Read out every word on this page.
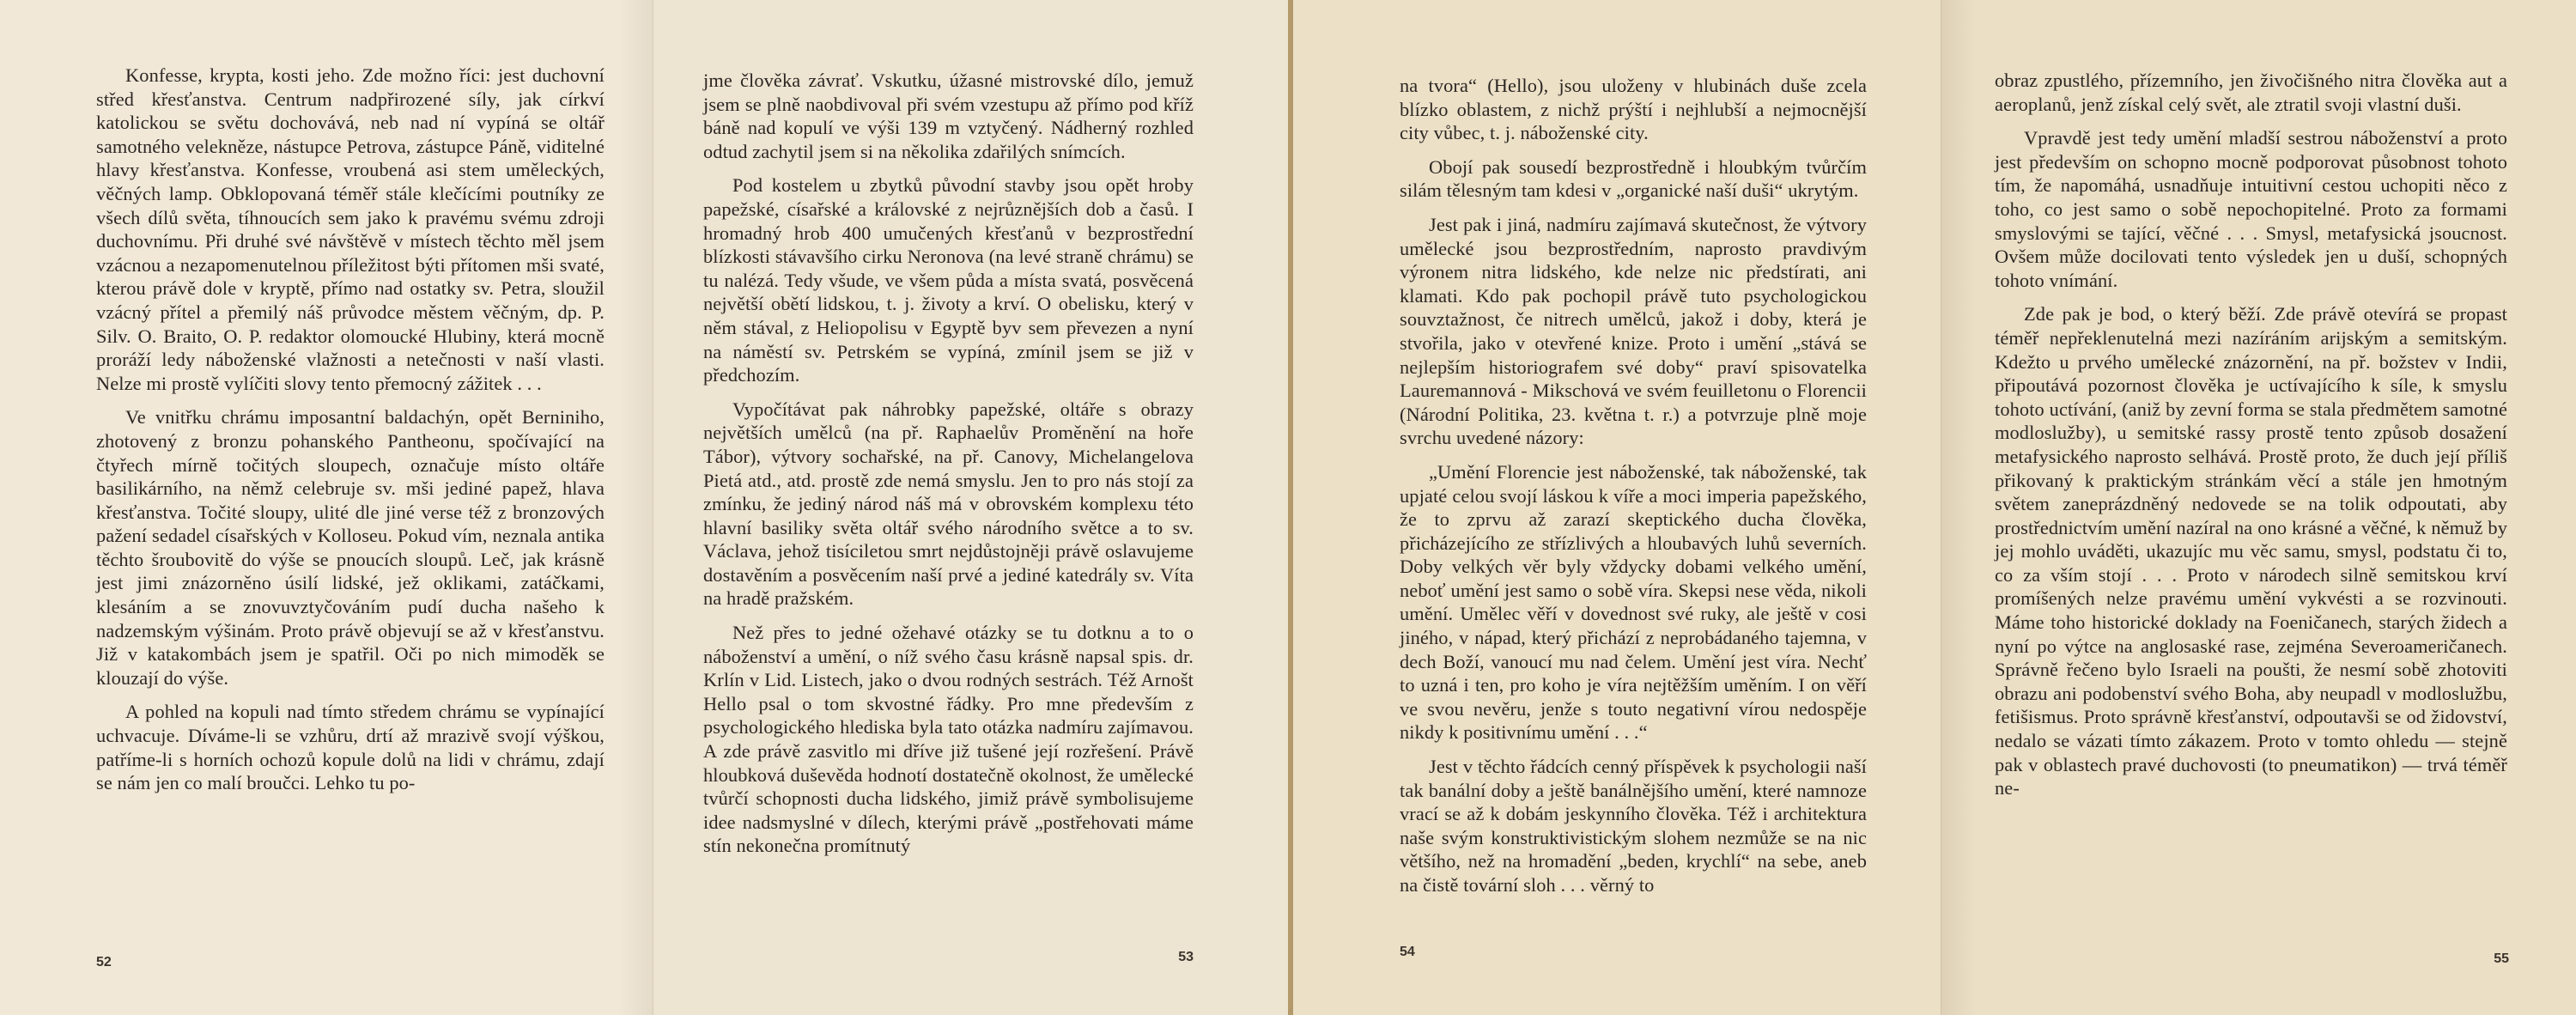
Konfesse, krypta, kosti jeho. Zde možno říci: jest duchovní střed křesťanstva. Centrum nadpřirozené síly, jak církví katolickou se světu dochovává, neb nad ní vypíná se oltář samotného velekněze, nástupce Petrova, zástupce Páně, viditelné hlavy křesťanstva. Konfesse, vroubená asi stem uměleckých, věčných lamp. Obklopovaná téměř stále klečícími poutníky ze všech dílů světa, tíhnoucích sem jako k pravému svému zdroji duchovnímu. Při druhé své návštěvě v místech těchto měl jsem vzácnou a nezapomenutelnou příležitost býti přítomen mši svaté, kterou právě dole v kryptě, přímo nad ostatky sv. Petra, sloužil vzácný přítel a přemilý náš průvodce městem věčným, dp. P. Silv. O. Braito, O. P. redaktor olomoucké Hlubiny, která mocně proráží ledy náboženské vlažnosti a netečnosti v naší vlasti. Nelze mi prostě vylíčiti slovy tento přemocný zážitek . . .

Ve vnitřku chrámu imposantní baldachýn, opět Berniniho, zhotovený z bronzu pohanského Pantheonu, spočívající na čtyřech mírně točitých sloupech, označuje místo oltáře basilikárního, na němž celebruje sv. mši jediné papež, hlava křesťanstva. Točité sloupy, ulité dle jiné verse též z bronzových pažení sedadel císařských v Kolloseu. Pokud vím, neznala antika těchto šroubovitě do výše se pnoucích sloupů. Leč, jak krásně jest jimi znázorněno úsilí lidské, jež oklikami, zatáčkami, klesáním a se znovuvztyčováním pudí ducha našeho k nadzemským výšinám. Proto právě objevují se až v křesťanstvu. Již v katakombách jsem je spatřil. Oči po nich mimoděk se klouzají do výše.

A pohled na kopuli nad tímto středem chrámu se vypínající uchvacuje. Díváme-li se vzhůru, drtí až mrazivě svojí výškou, patříme-li s horních ochozů kopule dolů na lidi v chrámu, zdají se nám jen co malí broučci. Lehko tu po-

52

jme člověka závrať. Vskutku, úžasné mistrovské dílo, jemuž jsem se plně naobdivoval při svém vzestupu až přímo pod kříž báně nad kopulí ve výši 139 m vztyčený. Nádherný rozhled odtud zachytil jsem si na několika zdařilých snímcích.

Pod kostelem u zbytků původní stavby jsou opět hroby papežské, císařské a královské z nejrůznějších dob a časů. I hromadný hrob 400 umučených křesťanů v bezprostřední blízkosti stávavšího cirku Neronova (na levé straně chrámu) se tu nalézá. Tedy všude, ve všem půda a místa svatá, posvěcená největší obětí lidskou, t. j. životy a krví. O obelisku, který v něm stával, z Heliopolisu v Egyptě byv sem převezen a nyní na náměstí sv. Petrském se vypíná, zmínil jsem se již v předchozím.

Vypočítávat pak náhrobky papežské, oltáře s obrazy největších umělců (na př. Raphaelův Proměnění na hoře Tábor), výtvory sochařské, na př. Canovy, Michelangelova Pietá atd., atd. prostě zde nemá smyslu. Jen to pro nás stojí za zmínku, že jediný národ náš má v obrovském komplexu této hlavní basiliky světa oltář svého národního světce a to sv. Václava, jehož tisíciletou smrt nejdůstojněji právě oslavujeme dostavěním a posvěcením naší prvé a jediné katedrály sv. Víta na hradě pražském.

Než přes to jedné ožehavé otázky se tu dotknu a to o náboženství a umění, o níž svého času krásně napsal spis. dr. Krlín v Lid. Listech, jako o dvou rodných sestrách. Též Arnošt Hello psal o tom skvostné řádky. Pro mne především z psychologického hlediska byla tato otázka nadmíru zajímavou. A zde právě zasvitlo mi dříve již tušené její rozřešení. Právě hloubková duševěda hodnotí dostatečně okolnost, že umělecké tvůrčí schopnosti ducha lidského, jimiž právě symbolisujeme idee nadsmyslné v dílech, kterými právě „postřehovati máme stín nekonečna promítnutý

53

na tvora“ (Hello), jsou uloženy v hlubinách duše zcela blízko oblastem, z nichž prýští i nejhlubší a nejmocnější city vůbec, t. j. náboženské city.

Obojí pak sousedí bezprostředně i hloubkým tvůrčím silám tělesným tam kdesi v „organické naší duši“ ukrytým.

Jest pak i jiná, nadmíru zajímavá skutečnost, že výtvory umělecké jsou bezprostředním, naprosto pravdivým výronem nitra lidského, kde nelze nic předstírati, ani klamati. Kdo pak pochopil právě tuto psychologickou souvztažnost, če nitrech umělců, jakož i doby, která je stvořila, jako v otevřené knize. Proto i umění „stává se nejlepším historiografem své doby“ praví spisovatelka Lauremannová - Mikschová ve svém feuilletonu o Florencii (Národní Politika, 23. května t. r.) a potvrzuje plně moje svrchu uvedené názory:

„Umění Florencie jest náboženské, tak náboženské, tak upjaté celou svojí láskou k víře a moci imperia papežského, že to zprvu až zarazí skeptického ducha člověka, přicházejícího ze střízlivých a hloubavých luhů severních. Doby velkých věr byly vždycky dobami velkého umění, neboť umění jest samo o sobě víra. Skepsi nese věda, nikoli umění. Umělec věří v dovednost své ruky, ale ještě v cosi jiného, v nápad, který přichází z neprobádaného tajemna, v dech Boží, vanoucí mu nad čelem. Umění jest víra. Nechť to uzná i ten, pro koho je víra nejtěžším uměním. I on věří ve svou nevěru, jenže s touto negativní vírou nedospěje nikdy k positivnímu umění . . .“

Jest v těchto řádcích cenný příspěvek k psychologii naší tak banální doby a ještě banálnějšího umění, které namnoze vrací se až k dobám jeskynního člověka. Též i architektura naše svým konstruktivistickým slohem nezmůže se na nic většího, než na hromadění „beden, krychlí“ na sebe, aneb na čistě tovární sloh . . . věrný to

54

obraz zpustlého, přízemního, jen živočišného nitra člověka aut a aeroplanů, jenž získal celý svět, ale ztratil svoji vlastní duši.

Vpravdě jest tedy umění mladší sestrou náboženství a proto jest především on schopno mocně podporovat působnost tohoto tím, že napomáhá, usnadňuje intuitivní cestou uchopiti něco z toho, co jest samo o sobě nepochopitelné. Proto za formami smyslovými se tající, věčné . . . Smysl, metafysická jsoucnost. Ovšem může docilovati tento výsledek jen u duší, schopných tohoto vnímání.

Zde pak je bod, o který běží. Zde právě otevírá se propast téměř nepřeklenutelná mezi nazíráním arijským a semitským. Kdežto u prvého umělecké znázornění, na př. božstev v Indii, připoutává pozornost člověka je uctívajícího k síle, k smyslu tohoto uctívání, (aniž by zevní forma se stala předmětem samotné modloslužby), u semitské rassy prostě tento způsob dosažení metafysického naprosto selhává. Prostě proto, že duch její příliš přikovaný k praktickým stránkám věcí a stále jen hmotným světem zaneprázdněný nedovede se na tolik odpoutati, aby prostřednictvím umění nazíral na ono krásné a věčné, k němuž by jej mohlo uváděti, ukazujíc mu věc samu, smysl, podstatu či to, co za vším stojí . . . Proto v národech silně semitskou krví promíšených nelze pravému umění vykvésti a se rozvinouti. Máme toho historické doklady na Foeničanech, starých židech a nyní po výtce na anglosaské rase, zejména Severoameričanech. Správně řečeno bylo Israeli na poušti, že nesmí sobě zhotoviti obrazu ani podobenství svého Boha, aby neupadl v modloslužbu, fetišismus. Proto správně křesťanství, odpoutavši se od židovství, nedalo se vázati tímto zákazem. Proto v tomto ohledu — stejně pak v oblastech pravé duchovosti (to pneumatikon) — trvá téměř ne-

55
